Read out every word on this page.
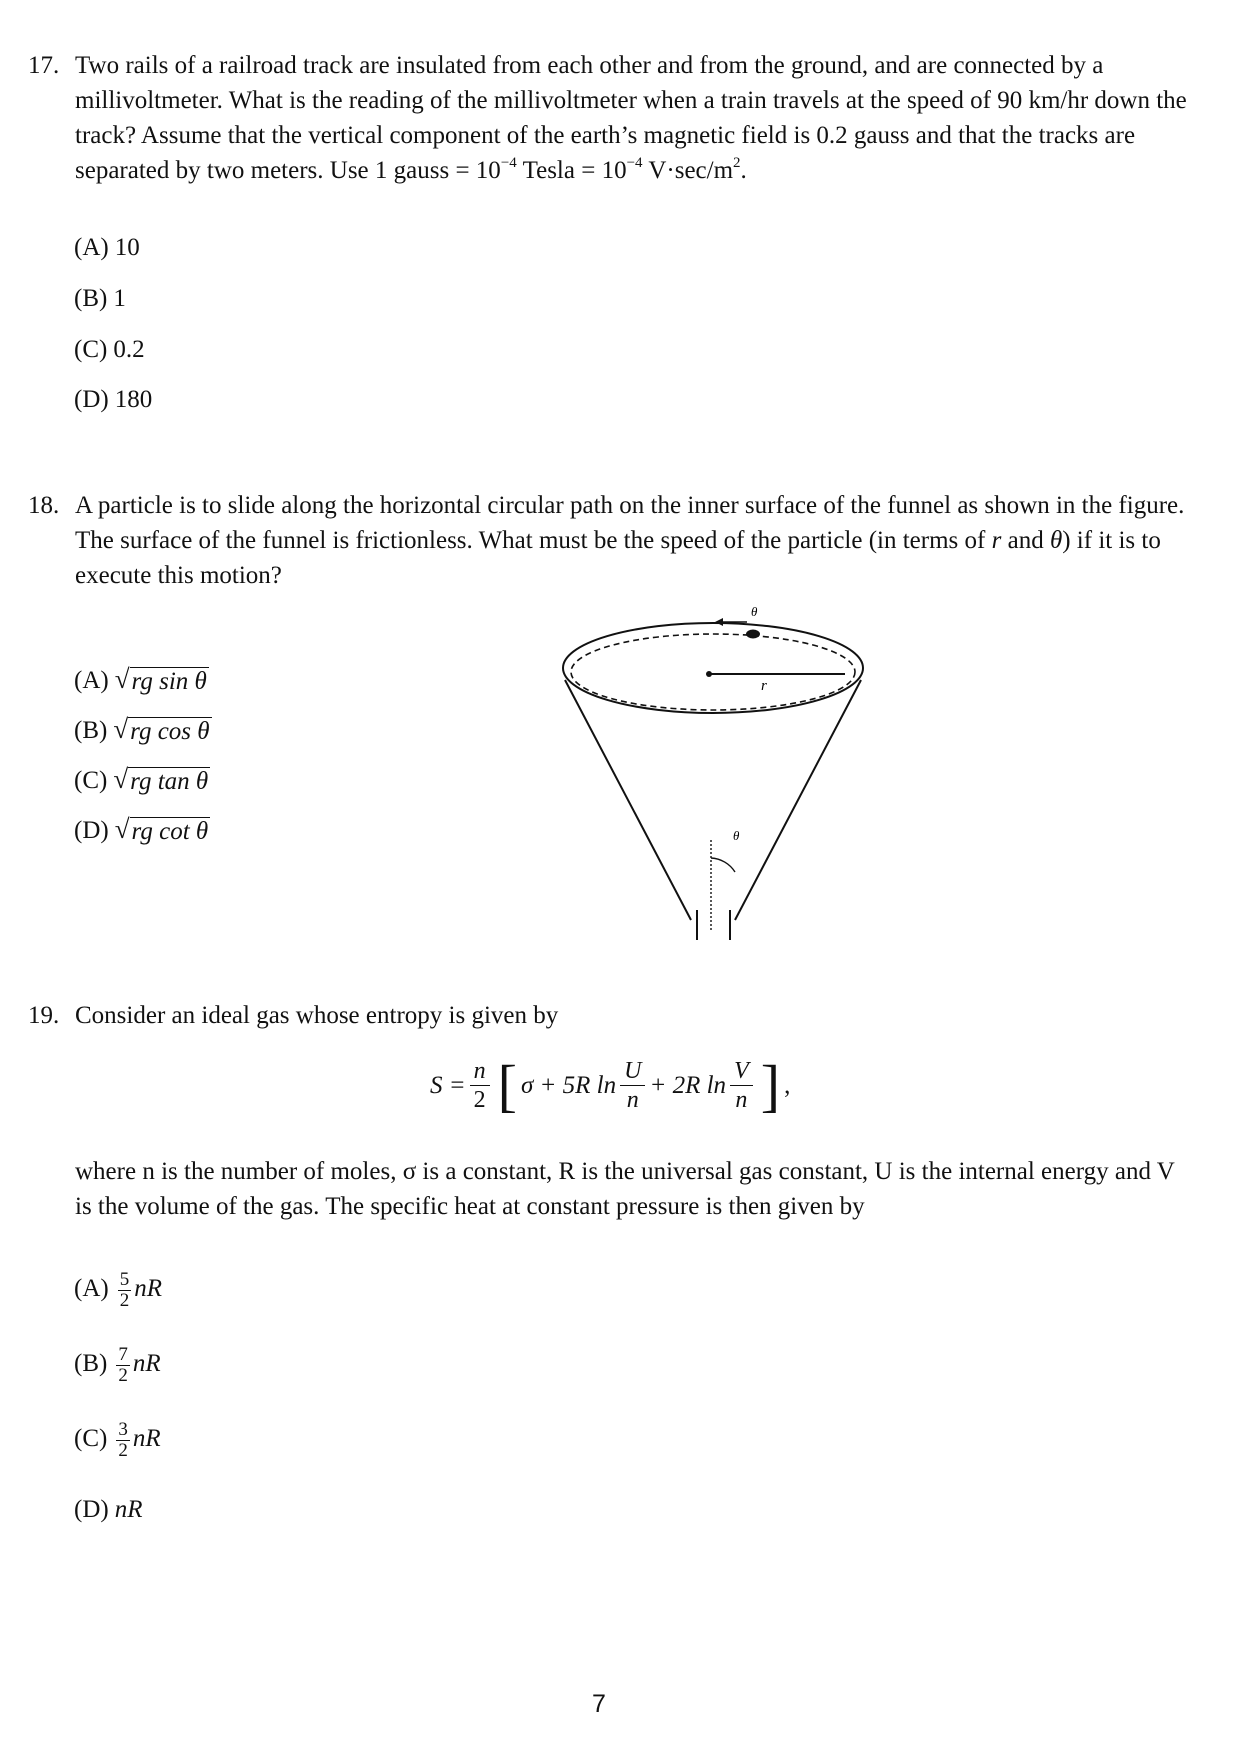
17. Two rails of a railroad track are insulated from each other and from the ground, and are connected by a millivoltmeter. What is the reading of the millivoltmeter when a train travels at the speed of 90 km/hr down the track? Assume that the vertical component of the earth’s magnetic field is 0.2 gauss and that the tracks are separated by two meters. Use 1 gauss = $10^{-4}$ Tesla = $10^{-4}$ $V\cdot\sec/m^2$.
(A) 10
(B) 1
(C) 0.2
(D) 180
18. A particle is to slide along the horizontal circular path on the inner surface of the funnel as shown in the figure. The surface of the funnel is frictionless. What must be the speed of the particle (in terms of r and θ) if it is to execute this motion?
(A) √ rg sin θ
(B) √ rg cos θ
(C) √ rg tan θ
(D) √ rg cot θ
θ
r
θ
19. Consider an ideal gas whose entropy is given by
$S = \frac{n}{2}$ [ σ + 5R $\ln \frac{U}{n} + 2R$ $\ln \frac{V}{n}$ ] ,
where n is the number of moles, σ is a constant, R is the universal gas constant, U is the internal energy and V is the volume of the gas. The specific heat at constant pressure is then given by
$(A) \frac{5}{2}$ nR
$(B) \frac{7}{2}$ nR
$(C) \frac{3}{2}$ nR
(D) nR
7
